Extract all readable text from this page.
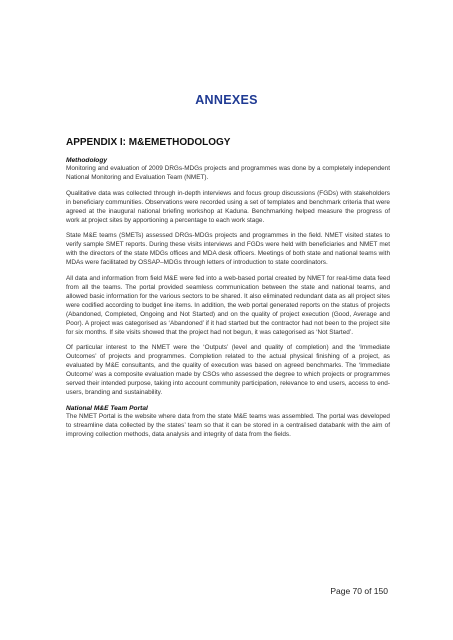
ANNEXES
APPENDIX I: M&EMETHODOLOGY
Methodology

Monitoring and evaluation of 2009 DRGs-MDGs projects and programmes was done by a completely independent National Monitoring and Evaluation Team (NMET).

Qualitative data was collected through in-depth interviews and focus group discussions (FGDs) with stakeholders in beneficiary communities. Observations were recorded using a set of templates and benchmark criteria that were agreed at the inaugural national briefing workshop at Kaduna. Benchmarking helped measure the progress of work at project sites by apportioning a percentage to each work stage.

State M&E teams (SMETs) assessed DRGs-MDGs projects and programmes in the field. NMET visited states to verify sample SMET reports. During these visits interviews and FGDs were held with beneficiaries and NMET met with the directors of the state MDGs offices and MDA desk officers. Meetings of both state and national teams with MDAs were facilitated by OSSAP–MDGs through letters of introduction to state coordinators.

All data and information from field M&E were fed into a web-based portal created by NMET for real-time data feed from all the teams. The portal provided seamless communication between the state and national teams, and allowed basic information for the various sectors to be shared. It also eliminated redundant data as all project sites were codified according to budget line items. In addition, the web portal generated reports on the status of projects (Abandoned, Completed, Ongoing and Not Started) and on the quality of project execution (Good, Average and Poor). A project was categorised as ‘Abandoned’ if it had started but the contractor had not been to the project site for six months. If site visits showed that the project had not begun, it was categorised as ‘Not Started’.

Of particular interest to the NMET were the ‘Outputs’ (level and quality of completion) and the ‘Immediate Outcomes’ of projects and programmes. Completion related to the actual physical finishing of a project, as evaluated by M&E consultants, and the quality of execution was based on agreed benchmarks. The ‘Immediate Outcome’ was a composite evaluation made by CSOs who assessed the degree to which projects or programmes served their intended purpose, taking into account community participation, relevance to end users, access to end-users, branding and sustainability.

National M&E Team Portal

The NMET Portal is the website where data from the state M&E teams was assembled. The portal was developed to streamline data collected by the states’ team so that it can be stored in a centralised databank with the aim of improving collection methods, data analysis and integrity of data from the fields.

Page 70 of 150
